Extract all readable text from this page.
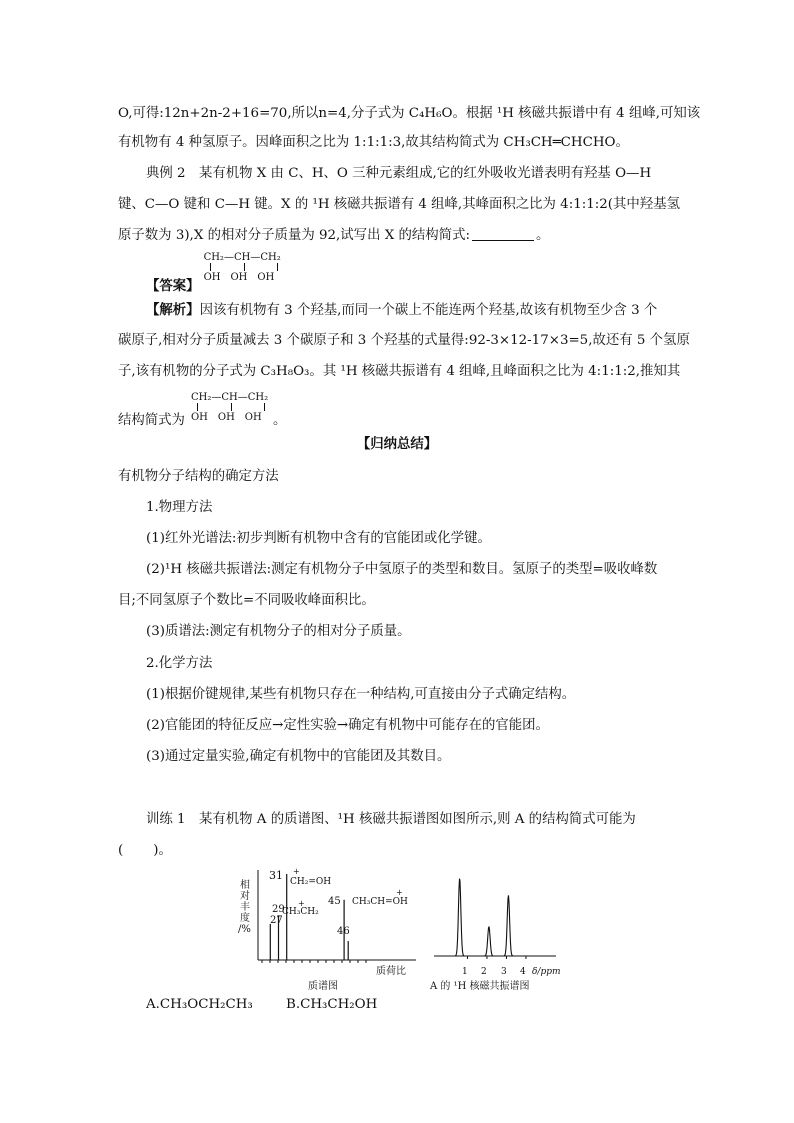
O,可得:12n+2n-2+16=70,所以n=4,分子式为 C₄H₆O。根据 ¹H 核磁共振谱中有 4 组峰,可知该
有机物有 4 种氢原子。因峰面积之比为 1:1:1:3,故其结构简式为 CH₃CH═CHCHO。
典例 2　某有机物 X 由 C、H、O 三种元素组成,它的红外吸收光谱表明有羟基 O—H
键、C—O 键和 C—H 键。X 的 ¹H 核磁共振谱有 4 组峰,其峰面积之比为 4:1:1:2(其中羟基氢
原子数为 3),X 的相对分子质量为 92,试写出 X 的结构简式:	。
【答案】
CH₂—CH—CH₂
OH　OH　OH
【解析】因该有机物有 3 个羟基,而同一个碳上不能连两个羟基,故该有机物至少含 3 个
碳原子,相对分子质量减去 3 个碳原子和 3 个羟基的式量得:92-3×12-17×3=5,故还有 5 个氢原
子,该有机物的分子式为 C₃H₈O₃。其 ¹H 核磁共振谱有 4 组峰,且峰面积之比为 4:1:1:2,推知其
结构简式为
CH₂—CH—CH₂
OH　OH　OH 。
【归纳总结】
有机物分子结构的确定方法
1.物理方法
(1)红外光谱法:初步判断有机物中含有的官能团或化学键。
(2)¹H 核磁共振谱法:测定有机物分子中氢原子的类型和数目。氢原子的类型=吸收峰数
目;不同氢原子个数比=不同吸收峰面积比。
(3)质谱法:测定有机物分子的相对分子质量。
2.化学方法
(1)根据价键规律,某些有机物只存在一种结构,可直接由分子式确定结构。
(2)官能团的特征反应→定性实验→确定有机物中可能存在的官能团。
(3)通过定量实验,确定有机物中的官能团及其数目。
训练 1　某有机物 A 的质谱图、¹H 核磁共振谱图如图所示,则 A 的结构简式可能为
( )。
相
对
丰
度
/%
27
29
31
45
46
+
CH₂=OH
+
CH₃CH₂
+
CH₃CH=OH
质荷比
质谱图
1 2 3 4 δ/ppm
A 的 ¹H 核磁共振谱图
A.CH₃OCH₂CH₃	B.CH₃CH₂OH
